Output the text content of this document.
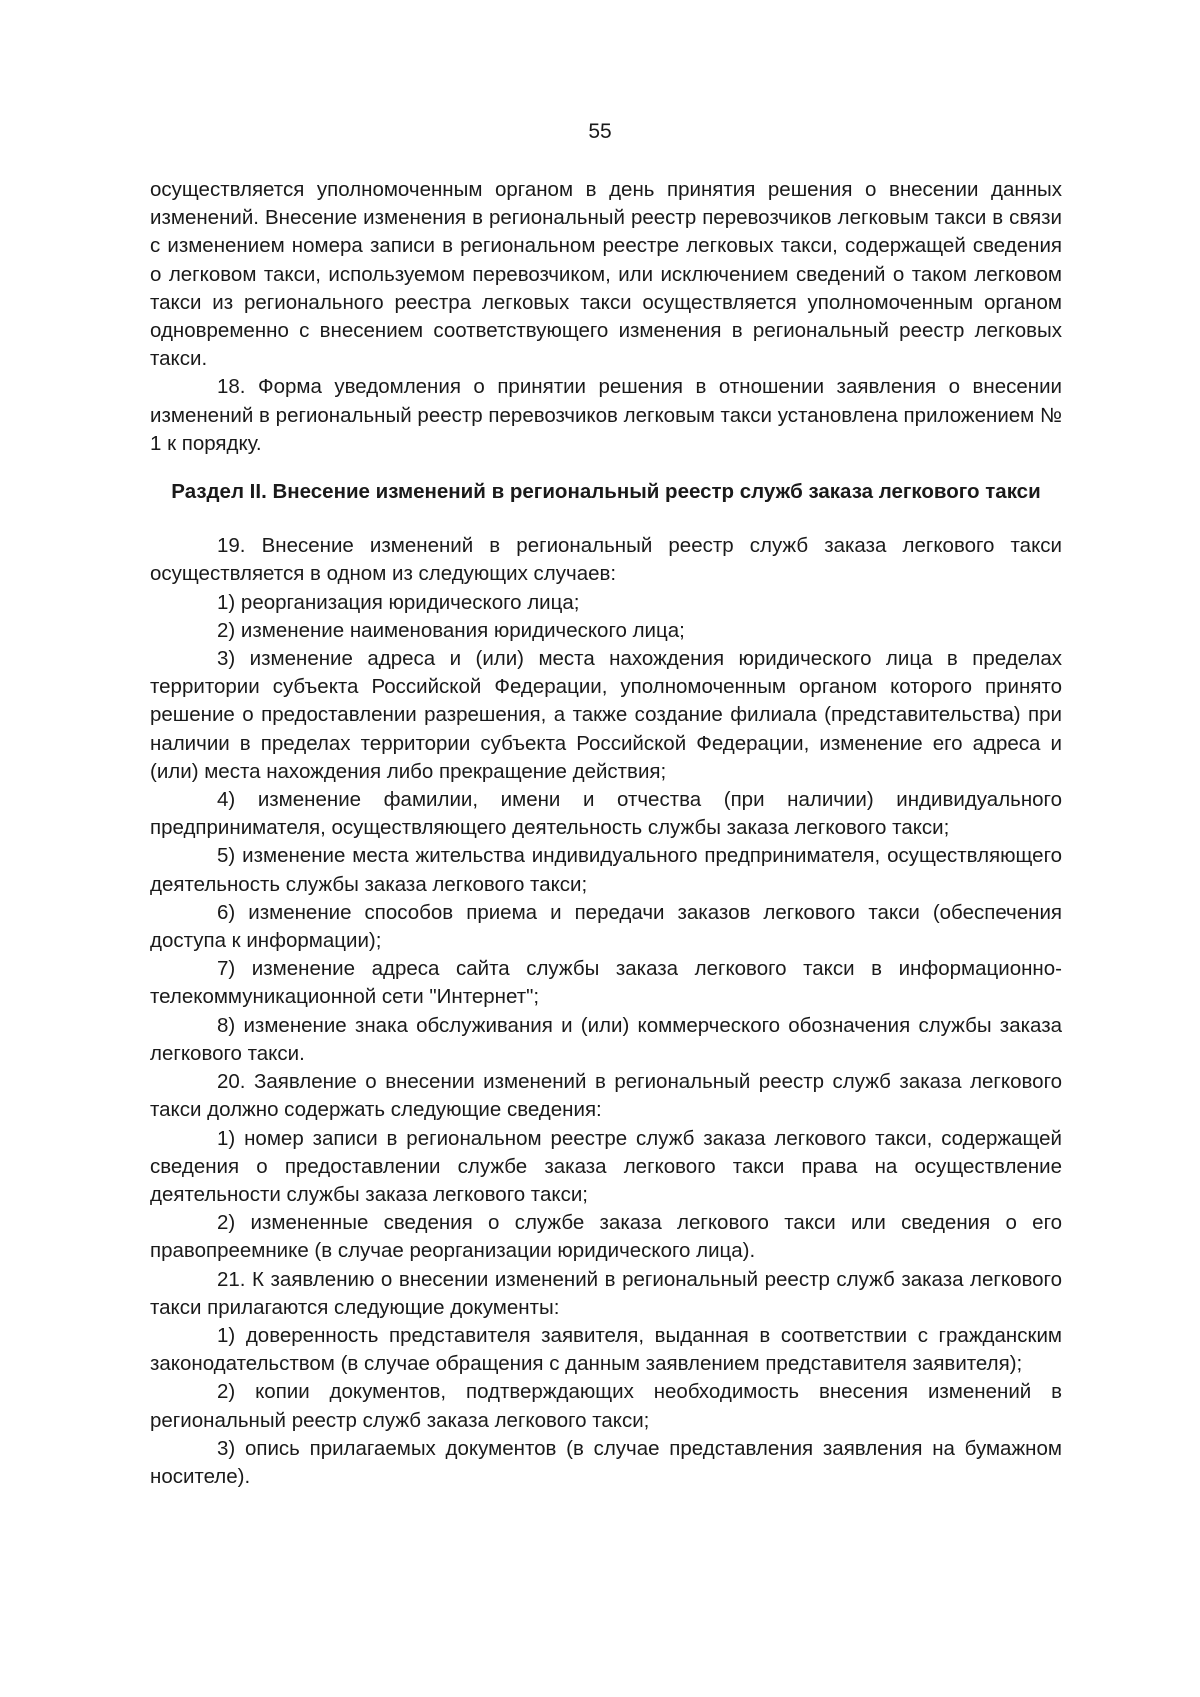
55

осуществляется уполномоченным органом в день принятия решения о внесении данных изменений. Внесение изменения в региональный реестр перевозчиков легковым такси в связи с изменением номера записи в региональном реестре легковых такси, содержащей сведения о легковом такси, используемом перевозчиком, или исключением сведений о таком легковом такси из регионального реестра легковых такси осуществляется уполномоченным органом одновременно с внесением соответствующего изменения в региональный реестр легковых такси.

18. Форма уведомления о принятии решения в отношении заявления о внесении изменений в региональный реестр перевозчиков легковым такси установлена приложением № 1 к порядку.

Раздел II. Внесение изменений в региональный реестр служб заказа легкового такси

19. Внесение изменений в региональный реестр служб заказа легкового такси осуществляется в одном из следующих случаев:

1) реорганизация юридического лица;

2) изменение наименования юридического лица;

3) изменение адреса и (или) места нахождения юридического лица в пределах территории субъекта Российской Федерации, уполномоченным органом которого принято решение о предоставлении разрешения, а также создание филиала (представительства) при наличии в пределах территории субъекта Российской Федерации, изменение его адреса и (или) места нахождения либо прекращение действия;

4) изменение фамилии, имени и отчества (при наличии) индивидуального предпринимателя, осуществляющего деятельность службы заказа легкового такси;

5) изменение места жительства индивидуального предпринимателя, осуществляющего деятельность службы заказа легкового такси;

6) изменение способов приема и передачи заказов легкового такси (обеспечения доступа к информации);

7) изменение адреса сайта службы заказа легкового такси в информационно-телекоммуникационной сети "Интернет";

8) изменение знака обслуживания и (или) коммерческого обозначения службы заказа легкового такси.

20. Заявление о внесении изменений в региональный реестр служб заказа легкового такси должно содержать следующие сведения:

1) номер записи в региональном реестре служб заказа легкового такси, содержащей сведения о предоставлении службе заказа легкового такси права на осуществление деятельности службы заказа легкового такси;

2) измененные сведения о службе заказа легкового такси или сведения о его правопреемнике (в случае реорганизации юридического лица).

21. К заявлению о внесении изменений в региональный реестр служб заказа легкового такси прилагаются следующие документы:

1) доверенность представителя заявителя, выданная в соответствии с гражданским законодательством (в случае обращения с данным заявлением представителя заявителя);

2) копии документов, подтверждающих необходимость внесения изменений в региональный реестр служб заказа легкового такси;

3) опись прилагаемых документов (в случае представления заявления на бумажном носителе).
